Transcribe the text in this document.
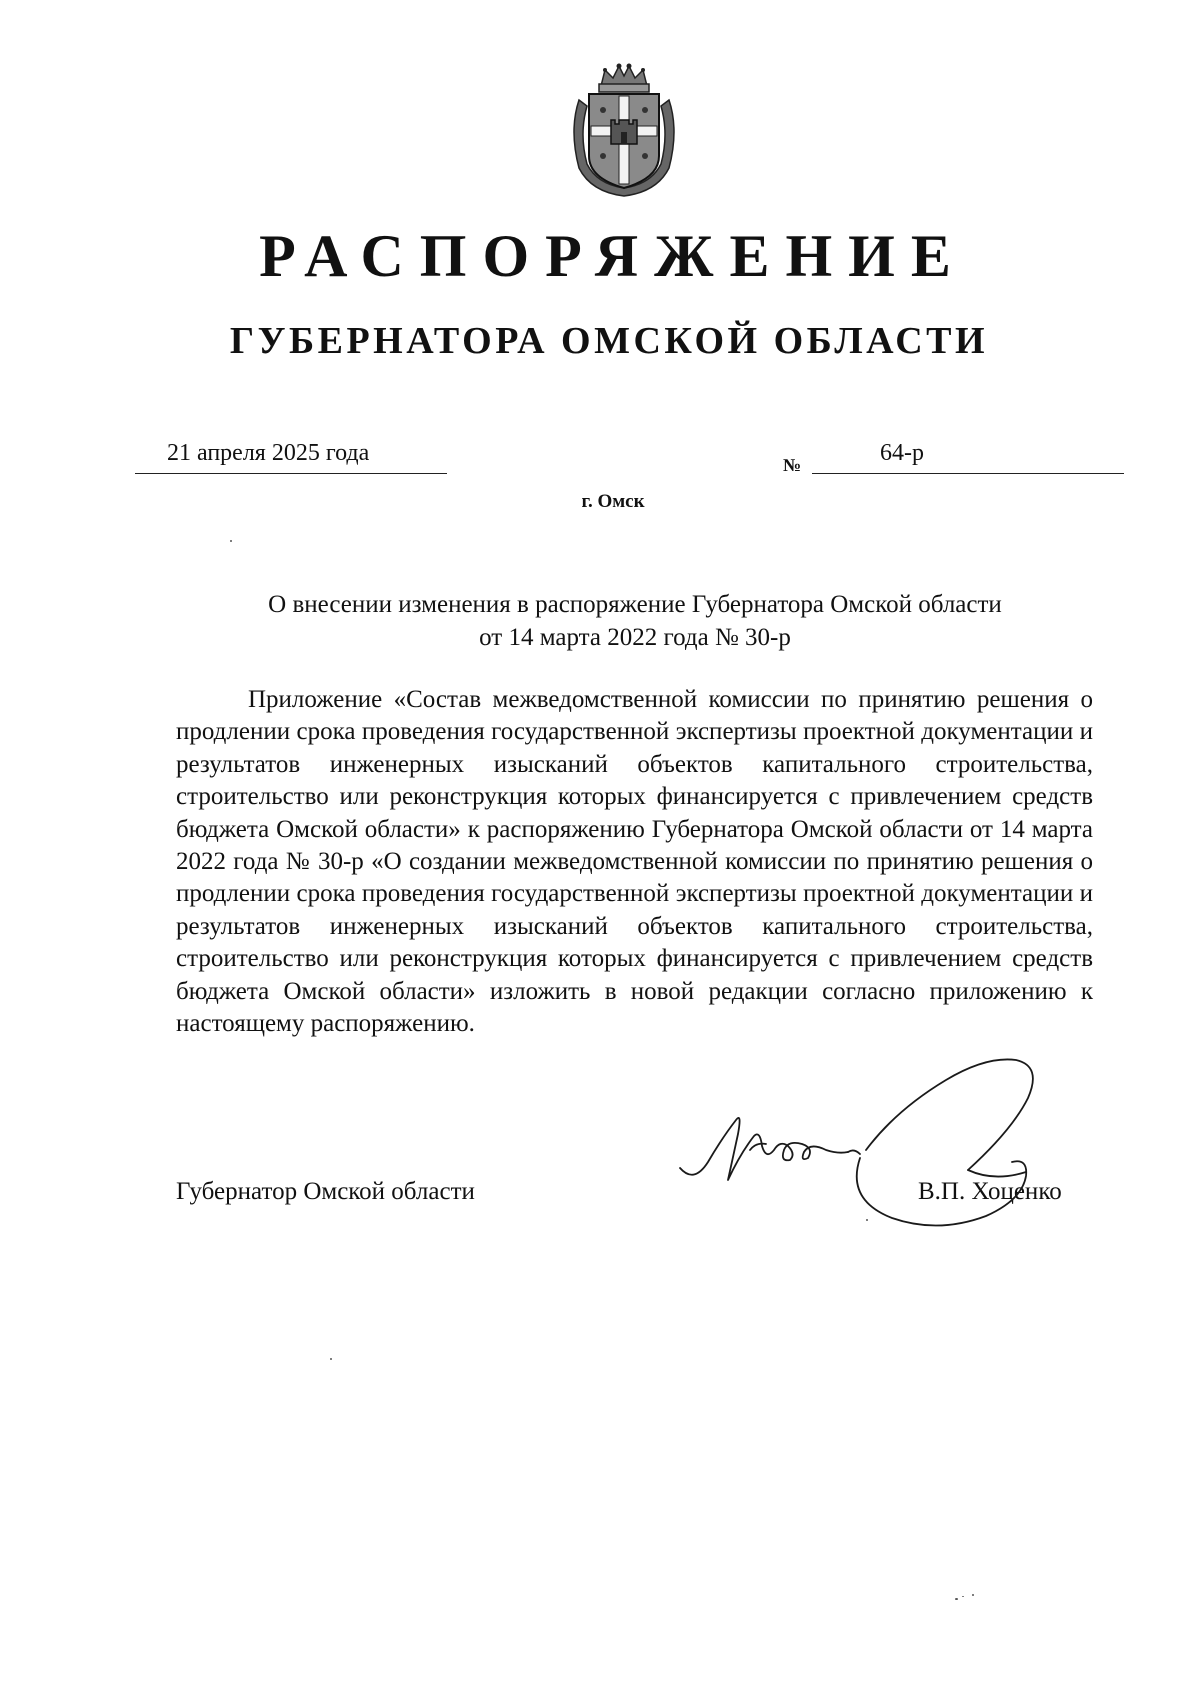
РАСПОРЯЖЕНИЕ
ГУБЕРНАТОРА ОМСКОЙ ОБЛАСТИ
21 апреля 2025 года	№	64-р
г. Омск
О внесении изменения в распоряжение Губернатора Омской области
от 14 марта 2022 года № 30-р

Приложение «Состав межведомственной комиссии по принятию решения о продлении срока проведения государственной экспертизы проектной документации и результатов инженерных изысканий объектов капитального строительства, строительство или реконструкция которых финансируется с привлечением средств бюджета Омской области» к распоряжению Губернатора Омской области от 14 марта 2022 года № 30-р «О создании межведомственной комиссии по принятию решения о продлении срока проведения государственной экспертизы проектной документации и результатов инженерных изысканий объектов капитального строительства, строительство или реконструкция которых финансируется с привлечением средств бюджета Омской области» изложить в новой редакции согласно приложению к настоящему распоряжению.

Губернатор Омской области	В.П. Хоценко
